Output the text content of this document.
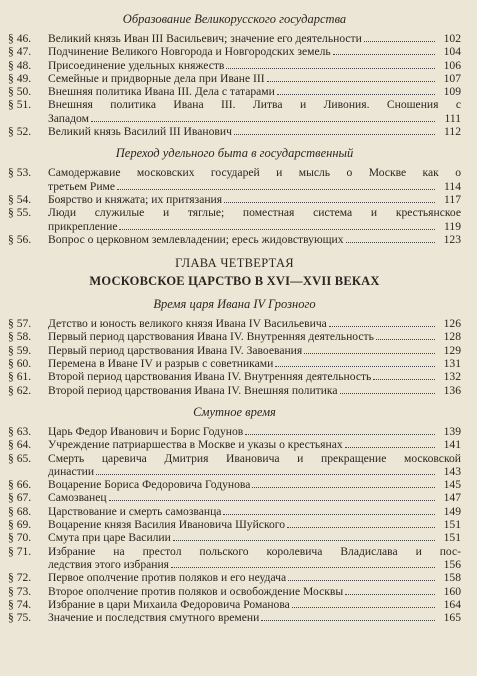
Образование Великорусского государства
§ 46.	Великий князь Иван III Васильевич; значение его деятельности	102
§ 47.	Подчинение Великого Новгорода и Новгородских земель	104
§ 48.	Присоединение удельных княжеств	106
§ 49.	Семейные и придворные дела при Иване III	107
§ 50.	Внешняя политика Ивана III. Дела с татарами	109
§ 51.	Внешняя политика Ивана III. Литва и Ливония. Сношения с
Западом	111
§ 52.	Великий князь Василий III Иванович	112
Переход удельного быта в государственный
§ 53.	Самодержавие московских государей и мысль о Москве как о
третьем Риме	114
§ 54.	Боярство и княжата; их притязания	117
§ 55.	Люди служилые и тяглые; поместная система и крестьянское
прикрепление	119
§ 56.	Вопрос о церковном землевладении; ересь жидовствующих	123
ГЛАВА ЧЕТВЕРТАЯ
МОСКОВСКОЕ ЦАРСТВО В XVI—XVII ВЕКАХ
Время царя Ивана IV Грозного
§ 57.	Детство и юность великого князя Ивана IV Васильевича	126
§ 58.	Первый период царствования Ивана IV. Внутренняя деятельность	128
§ 59.	Первый период царствования Ивана IV. Завоевания	129
§ 60.	Перемена в Иване IV и разрыв с советниками	131
§ 61.	Второй период царствования Ивана IV. Внутренняя деятельность	132
§ 62.	Второй период царствования Ивана IV. Внешняя политика	136
Смутное время
§ 63.	Царь Федор Иванович и Борис Годунов	139
§ 64.	Учреждение патриаршества в Москве и указы о крестьянах	141
§ 65.	Смерть царевича Дмитрия Ивановича и прекращение московской
династии	143
§ 66.	Воцарение Бориса Федоровича Годунова	145
§ 67.	Самозванец	147
§ 68.	Царствование и смерть самозванца	149
§ 69.	Воцарение князя Василия Ивановича Шуйского	151
§ 70.	Смута при царе Василии	151
§ 71.	Избрание на престол польского королевича Владислава и пос-
ледствия этого избрания	156
§ 72.	Первое ополчение против поляков и его неудача	158
§ 73.	Второе ополчение против поляков и освобождение Москвы	160
§ 74.	Избрание в цари Михаила Федоровича Романова	164
§ 75.	Значение и последствия смутного времени	165
